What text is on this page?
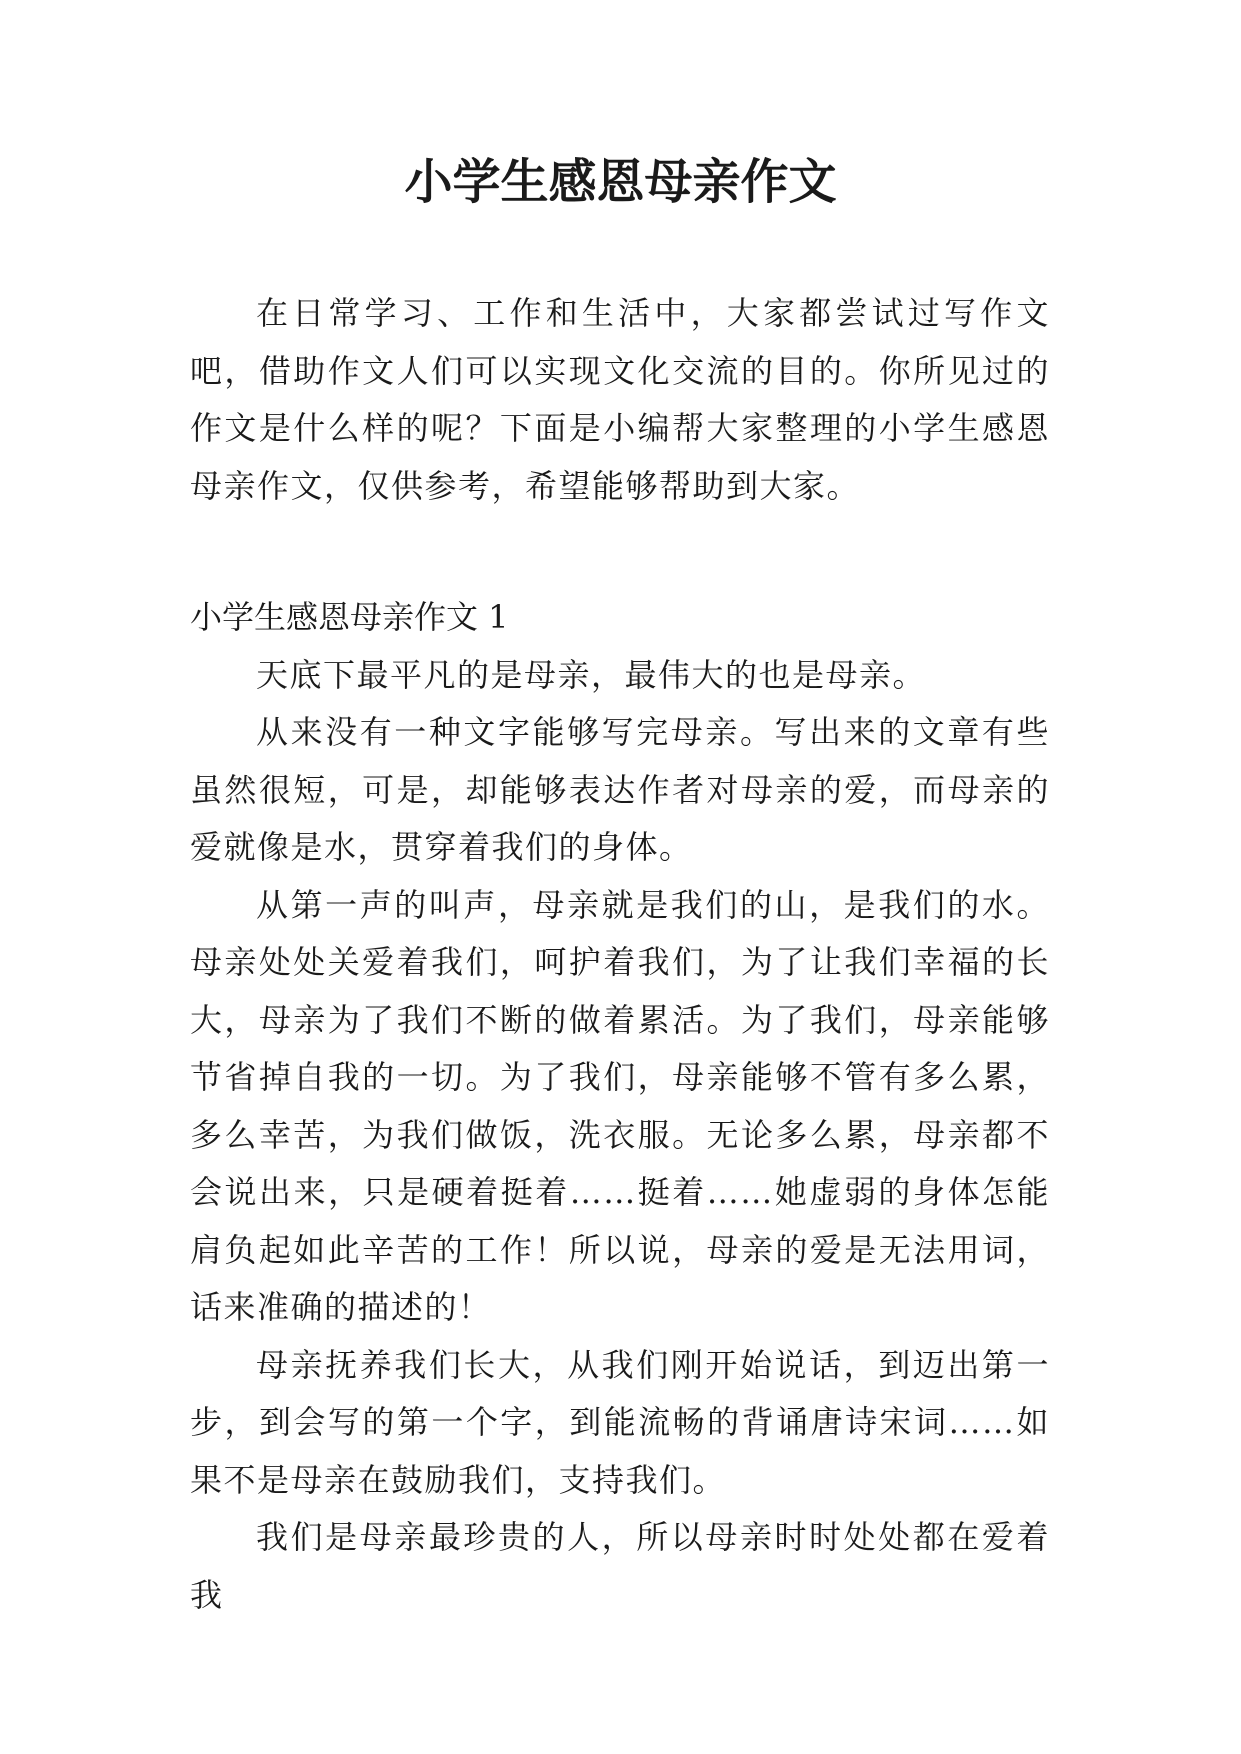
小学生感恩母亲作文

在日常学习、工作和生活中，大家都尝试过写作文吧，借助作文人们可以实现文化交流的目的。你所见过的作文是什么样的呢？下面是小编帮大家整理的小学生感恩母亲作文，仅供参考，希望能够帮助到大家。

小学生感恩母亲作文 1

天底下最平凡的是母亲，最伟大的也是母亲。

从来没有一种文字能够写完母亲。写出来的文章有些虽然很短，可是，却能够表达作者对母亲的爱，而母亲的爱就像是水，贯穿着我们的身体。

从第一声的叫声，母亲就是我们的山，是我们的水。母亲处处关爱着我们，呵护着我们，为了让我们幸福的长大，母亲为了我们不断的做着累活。为了我们，母亲能够节省掉自我的一切。为了我们，母亲能够不管有多么累，多么幸苦，为我们做饭，洗衣服。无论多么累，母亲都不会说出来，只是硬着挺着……挺着……她虚弱的身体怎能肩负起如此辛苦的工作！所以说，母亲的爱是无法用词，话来准确的描述的！

母亲抚养我们长大，从我们刚开始说话，到迈出第一步，到会写的第一个字，到能流畅的背诵唐诗宋词……如果不是母亲在鼓励我们，支持我们。

我们是母亲最珍贵的人，所以母亲时时处处都在爱着我
